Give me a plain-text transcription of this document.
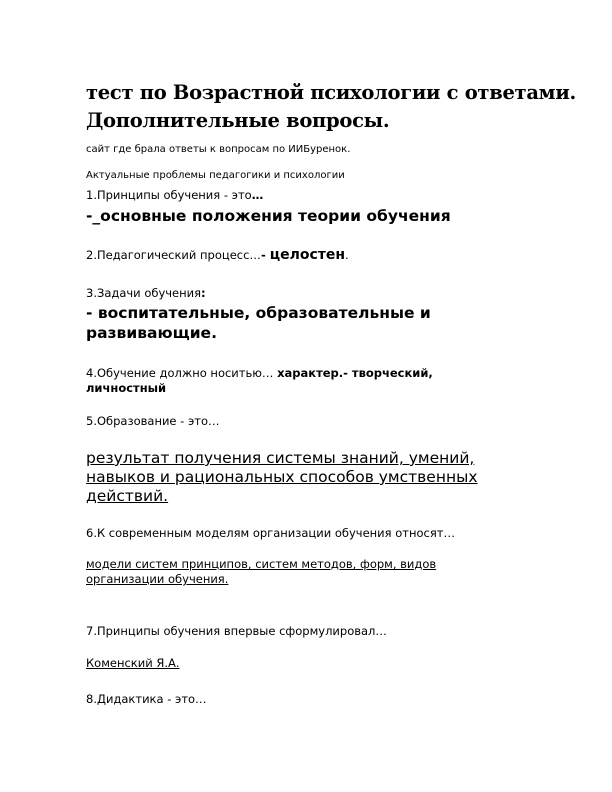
тест по Возрастной психологии с ответами.
Дополнительные вопросы.
сайт где брала ответы к вопросам по ИИБуренок.
Актуальные проблемы педагогики и психологии
1.Принципы обучения - это…
-_основные положения теории обучения
2.Педагогический процесс…- целостен.
3.Задачи обучения:
- воспитательные, образовательные и
развивающие.
4.Обучение должно носитью… характер.- творческий,
личностный
5.Образование - это…
результат получения системы знаний, умений,
навыков и рациональных способов умственных
действий.
6.К современным моделям организации обучения относят…
модели систем принципов, систем методов, форм, видов
организации обучения.
7.Принципы обучения впервые сформулировал…
Коменский Я.А.
8.Дидактика - это…
